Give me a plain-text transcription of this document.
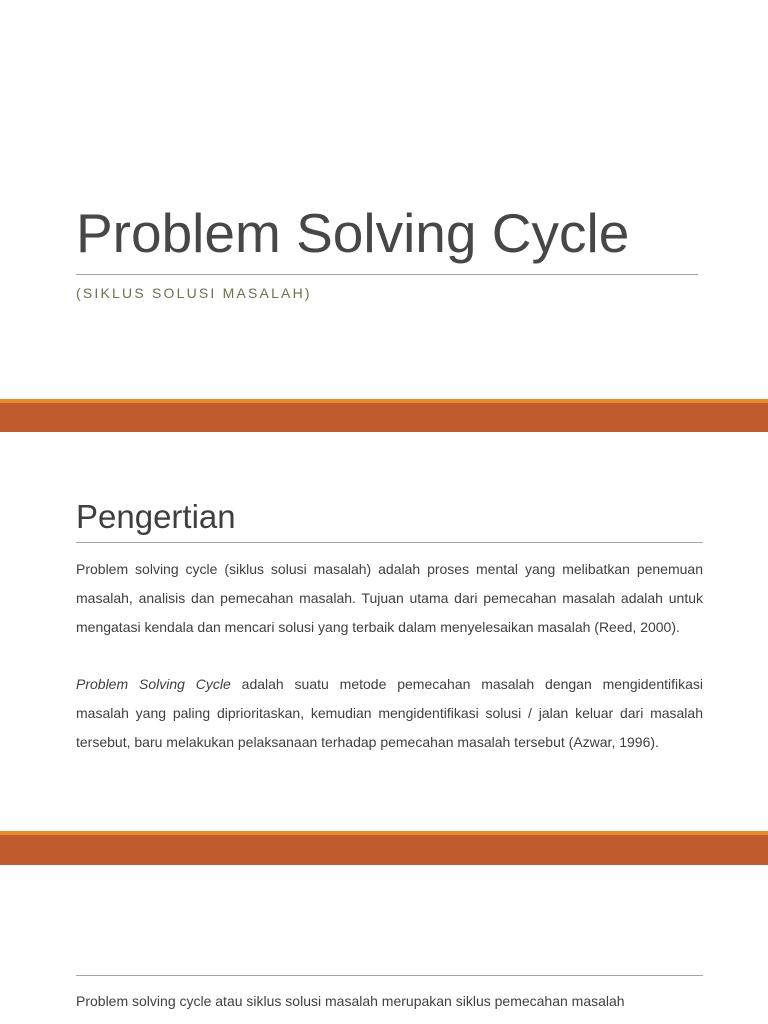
Problem Solving Cycle
(SIKLUS SOLUSI MASALAH)
Pengertian
Problem solving cycle (siklus solusi masalah) adalah proses mental yang melibatkan penemuan
masalah, analisis dan pemecahan masalah. Tujuan utama dari pemecahan masalah adalah untuk
mengatasi kendala dan mencari solusi yang terbaik dalam menyelesaikan masalah (Reed, 2000).
Problem Solving Cycle adalah suatu metode pemecahan masalah dengan mengidentifikasi
masalah yang paling diprioritaskan, kemudian mengidentifikasi solusi / jalan keluar dari masalah
tersebut, baru melakukan pelaksanaan terhadap pemecahan masalah tersebut (Azwar, 1996).
Problem solving cycle atau siklus solusi masalah merupakan siklus pemecahan masalah
